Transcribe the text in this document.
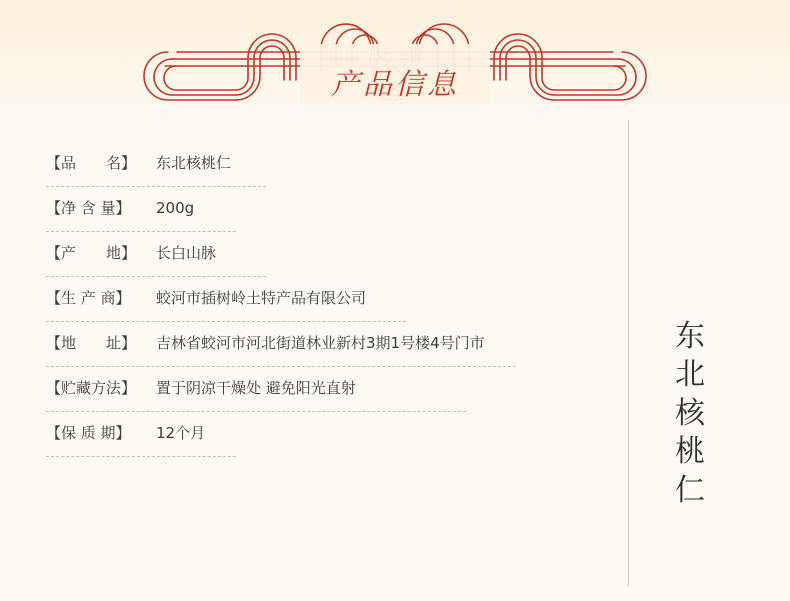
产品信息
【品　　名】	东北核桃仁
【净 含 量】	200g
【产　　地】	长白山脉
【生 产 商】	蛟河市插树岭土特产品有限公司
【地　　址】	吉林省蛟河市河北街道林业新村3期1号楼4号门市
【贮藏方法】	置于阴凉干燥处 避免阳光直射
【保 质 期】	12个月
东
北
核
桃
仁
